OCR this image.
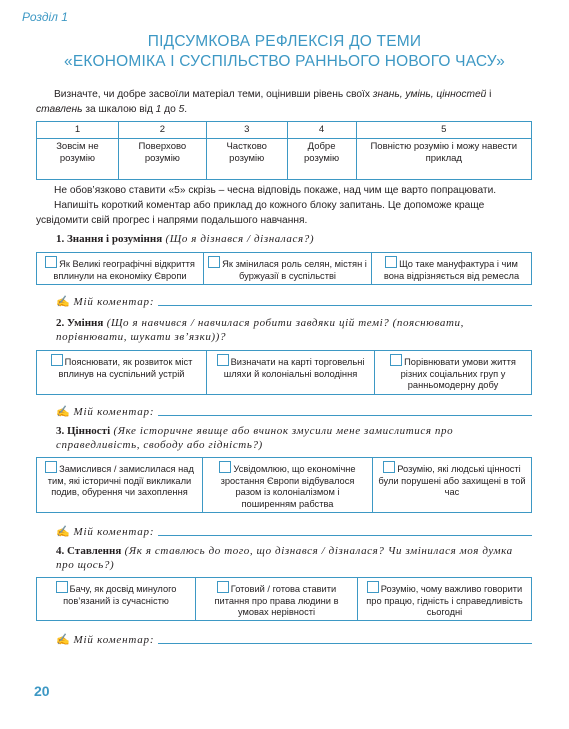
Розділ 1
ПІДСУМКОВА РЕФЛЕКСІЯ ДО ТЕМИ
«ЕКОНОМІКА І СУСПІЛЬСТВО РАННЬОГО НОВОГО ЧАСУ»
Визначте, чи добре засвоїли матеріал теми, оцінивши рівень своїх знань, умінь, цінностей і ставлень за шкалою від 1 до 5.
1	2	3	4	5
Зовсім не розумію	Поверхово розумію	Частково розумію	Добре розумію	Повністю розумію і можу навести приклад
Не обов’язково ставити «5» скрізь – чесна відповідь покаже, над чим ще варто попрацювати.
Напишіть короткий коментар або приклад до кожного блоку запитань. Це допоможе краще усвідомити свій прогрес і напрями подальшого навчання.
1. Знання і розуміння (Що я дізнався / дізналася?)
Як Великі географічні відкриття вплинули на економіку Європи
Як змінилася роль селян, містян і буржуазії в суспільстві
Що таке мануфактура і чим вона відрізняється від ремесла
✍ Мій коментар:
2. Уміння (Що я навчився / навчилася робити завдяки цій темі? (пояснювати, порівнювати, шукати зв’язки))?
Пояснювати, як розвиток міст вплинув на суспільний устрій
Визначати на карті торговельні шляхи й колоніальні володіння
Порівнювати умови життя різних соціальних груп у ранньомодерну добу
✍ Мій коментар:
3. Цінності (Яке історичне явище або вчинок змусили мене замислитися про справедливість, свободу або гідність?)
Замислився / замислилася над тим, які історичні події викликали подив, обурення чи захоплення
Усвідомлюю, що економічне зростання Європи відбувалося разом із колоніалізмом і поширенням рабства
Розумію, які людські цінності були порушені або захищені в той час
✍ Мій коментар:
4. Ставлення (Як я ставлюсь до того, що дізнався / дізналася? Чи змінилася моя думка про щось?)
Бачу, як досвід минулого пов’язаний із сучасністю
Готовий / готова ставити питання про права людини в умовах нерівності
Розумію, чому важливо говорити про працю, гідність і справедливість сьогодні
✍ Мій коментар:
20
